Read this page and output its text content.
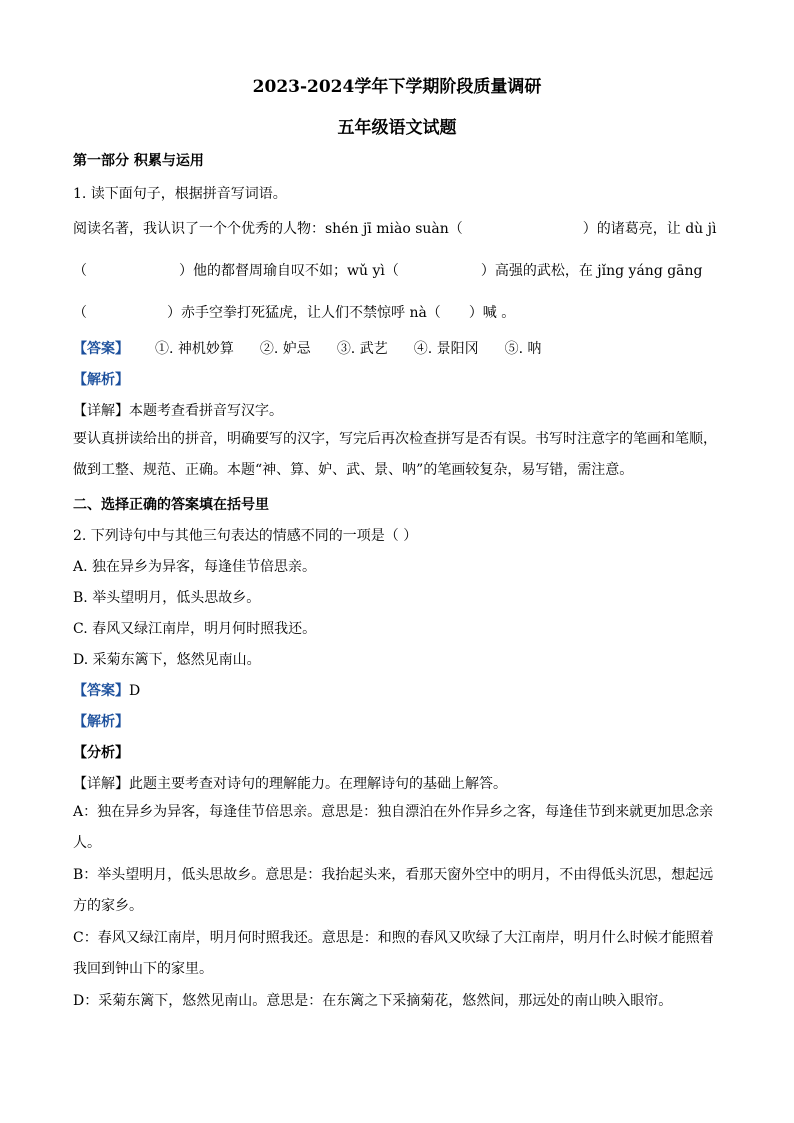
2023-2024学年下学期阶段质量调研
五年级语文试题
第一部分 积累与运用
1. 读下面句子，根据拼音写词语。
阅读名著，我认识了一个个优秀的人物：shén jī miào suàn（	）的诸葛亮，让 dù jì
（	）他的都督周瑜自叹不如；wǔ yì（	）高强的武松，在 jǐng yáng gāng
（	）赤手空拳打死猛虎，让人们不禁惊呼 nà（ ）喊 。
【答案】 ①. 神机妙算 ②. 妒忌 ③. 武艺 ④. 景阳冈 ⑤. 呐
【解析】
【详解】本题考查看拼音写汉字。
要认真拼读给出的拼音，明确要写的汉字，写完后再次检查拼写是否有误。书写时注意字的笔画和笔顺，做到工整、规范、正确。本题“神、算、妒、武、景、呐”的笔画较复杂，易写错，需注意。
二、选择正确的答案填在括号里
2. 下列诗句中与其他三句表达的情感不同的一项是（ ）
A. 独在异乡为异客，每逢佳节倍思亲。
B. 举头望明月，低头思故乡。
C. 春风又绿江南岸，明月何时照我还。
D. 采菊东篱下，悠然见南山。
【答案】D
【解析】
【分析】
【详解】此题主要考查对诗句的理解能力。在理解诗句的基础上解答。
A：独在异乡为异客，每逢佳节倍思亲。意思是：独自漂泊在外作异乡之客，每逢佳节到来就更加思念亲人。
B：举头望明月，低头思故乡。意思是：我抬起头来，看那天窗外空中的明月，不由得低头沉思，想起远方的家乡。
C：春风又绿江南岸，明月何时照我还。意思是：和煦的春风又吹绿了大江南岸，明月什么时候才能照着我回到钟山下的家里。
D：采菊东篱下，悠然见南山。意思是：在东篱之下采摘菊花，悠然间，那远处的南山映入眼帘。
